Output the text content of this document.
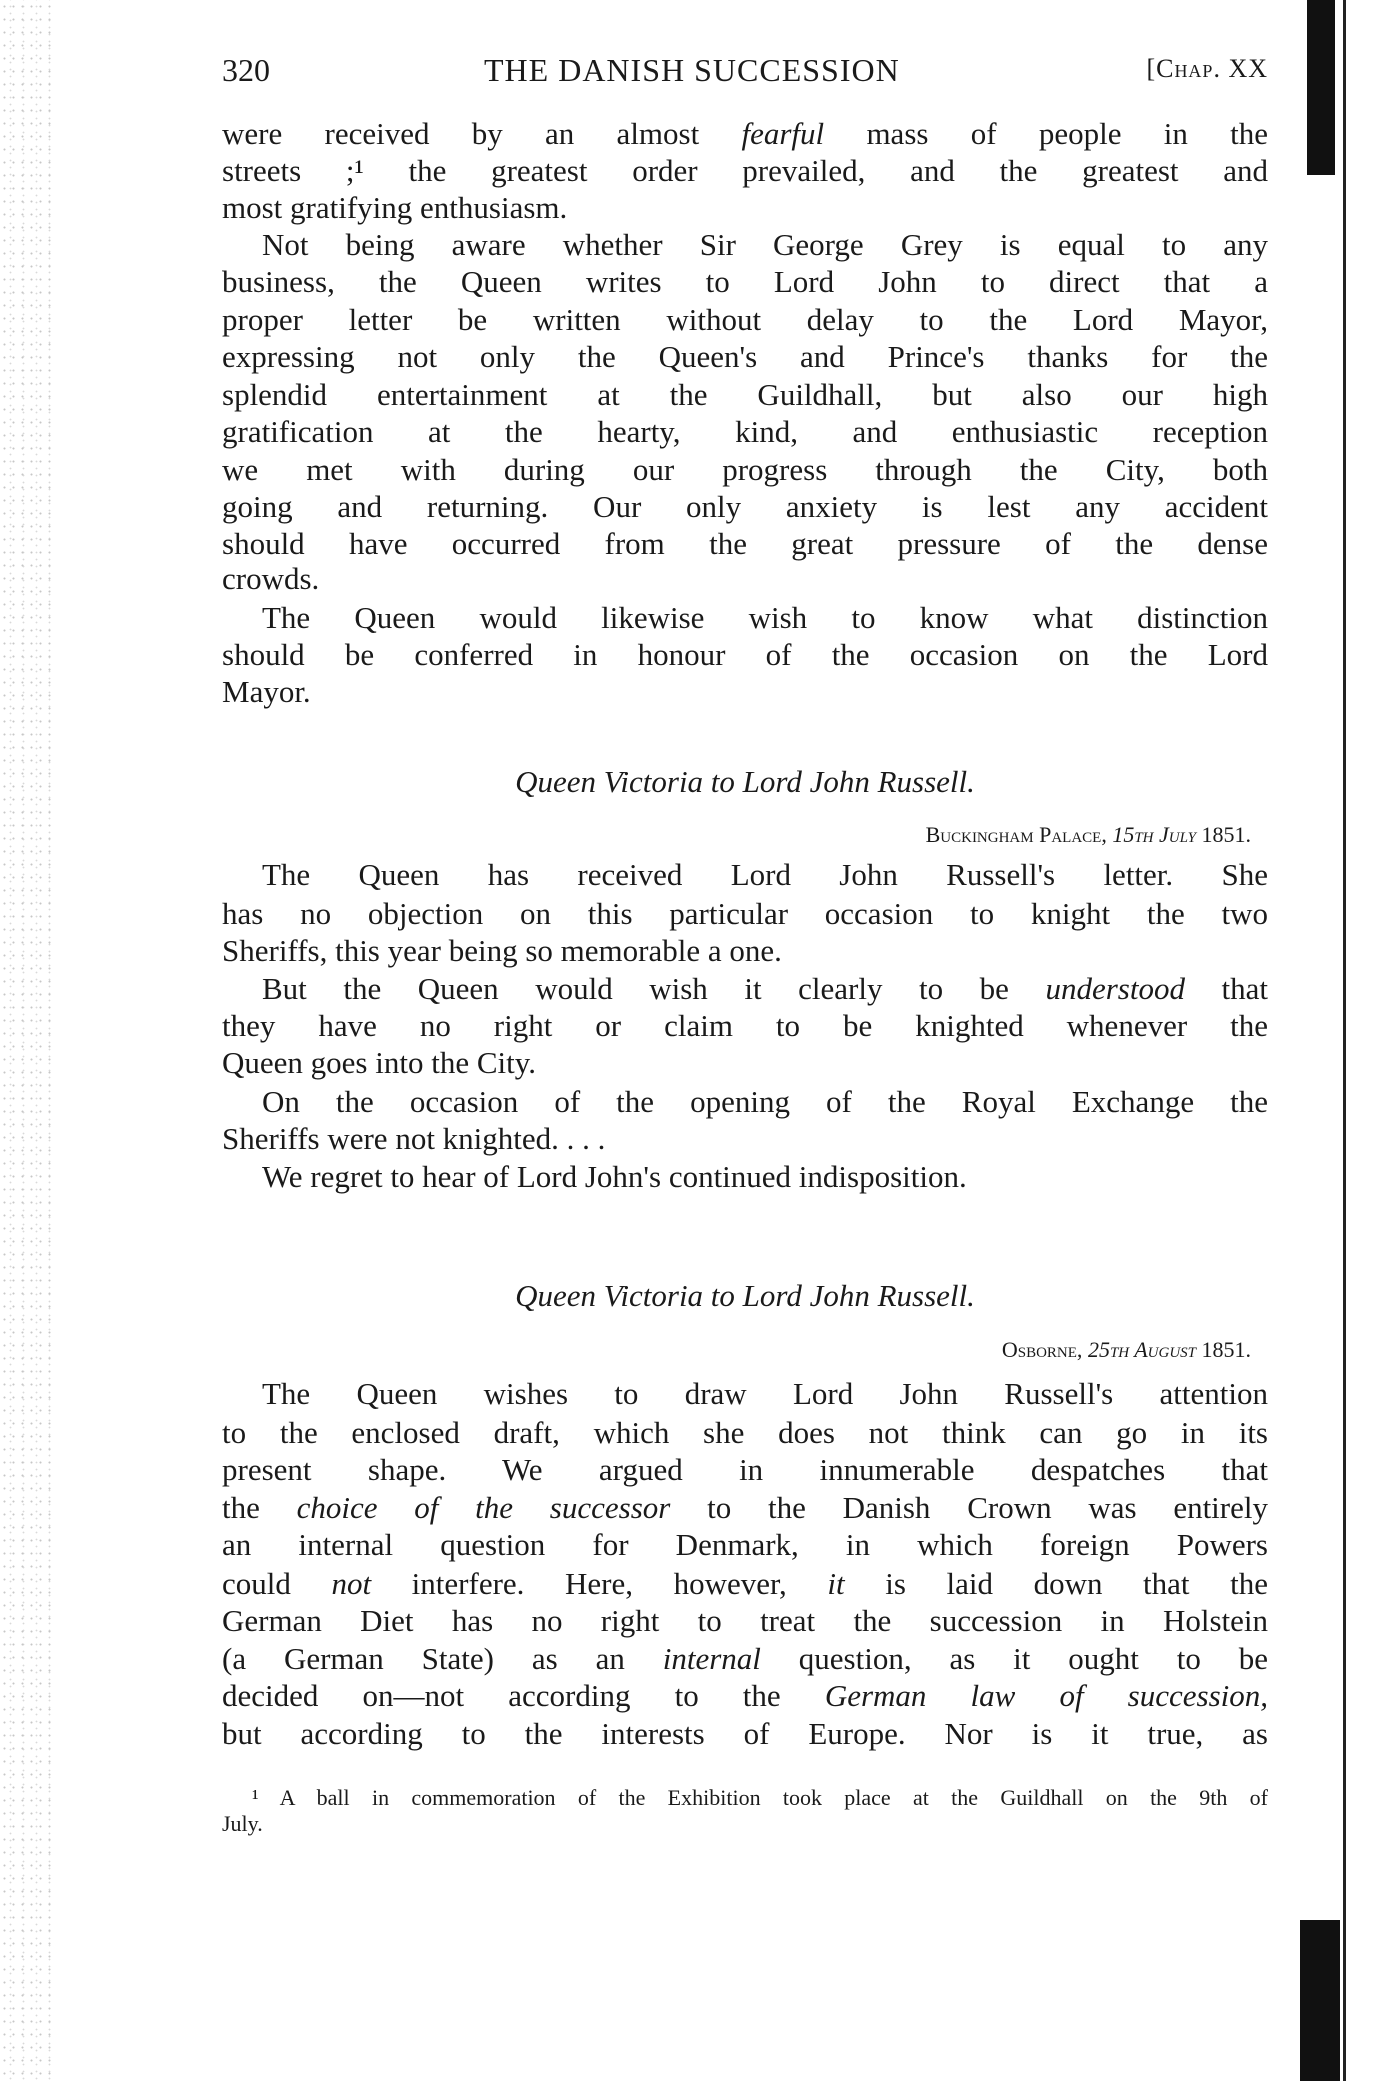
320	THE DANISH SUCCESSION	[Chap. XX
were received by an almost fearful mass of people in the
streets ;¹ the greatest order prevailed, and the greatest and
most gratifying enthusiasm.
Not being aware whether Sir George Grey is equal to any
business, the Queen writes to Lord John to direct that a
proper letter be written without delay to the Lord Mayor,
expressing not only the Queen's and Prince's thanks for the
splendid entertainment at the Guildhall, but also our high
gratification at the hearty, kind, and enthusiastic reception
we met with during our progress through the City, both
going and returning. Our only anxiety is lest any accident
should have occurred from the great pressure of the dense
crowds.
The Queen would likewise wish to know what distinction
should be conferred in honour of the occasion on the Lord
Mayor.
Queen Victoria to Lord John Russell.
Buckingham Palace, 15th July 1851.
The Queen has received Lord John Russell's letter. She
has no objection on this particular occasion to knight the two
Sheriffs, this year being so memorable a one.
But the Queen would wish it clearly to be understood that
they have no right or claim to be knighted whenever the
Queen goes into the City.
On the occasion of the opening of the Royal Exchange the
Sheriffs were not knighted. . . .
We regret to hear of Lord John's continued indisposition.
Queen Victoria to Lord John Russell.
Osborne, 25th August 1851.
The Queen wishes to draw Lord John Russell's attention
to the enclosed draft, which she does not think can go in its
present shape. We argued in innumerable despatches that
the choice of the successor to the Danish Crown was entirely
an internal question for Denmark, in which foreign Powers
could not interfere. Here, however, it is laid down that the
German Diet has no right to treat the succession in Holstein
(a German State) as an internal question, as it ought to be
decided on—not according to the German law of succession,
but according to the interests of Europe. Nor is it true, as
¹ A ball in commemoration of the Exhibition took place at the Guildhall on the 9th of
July.
